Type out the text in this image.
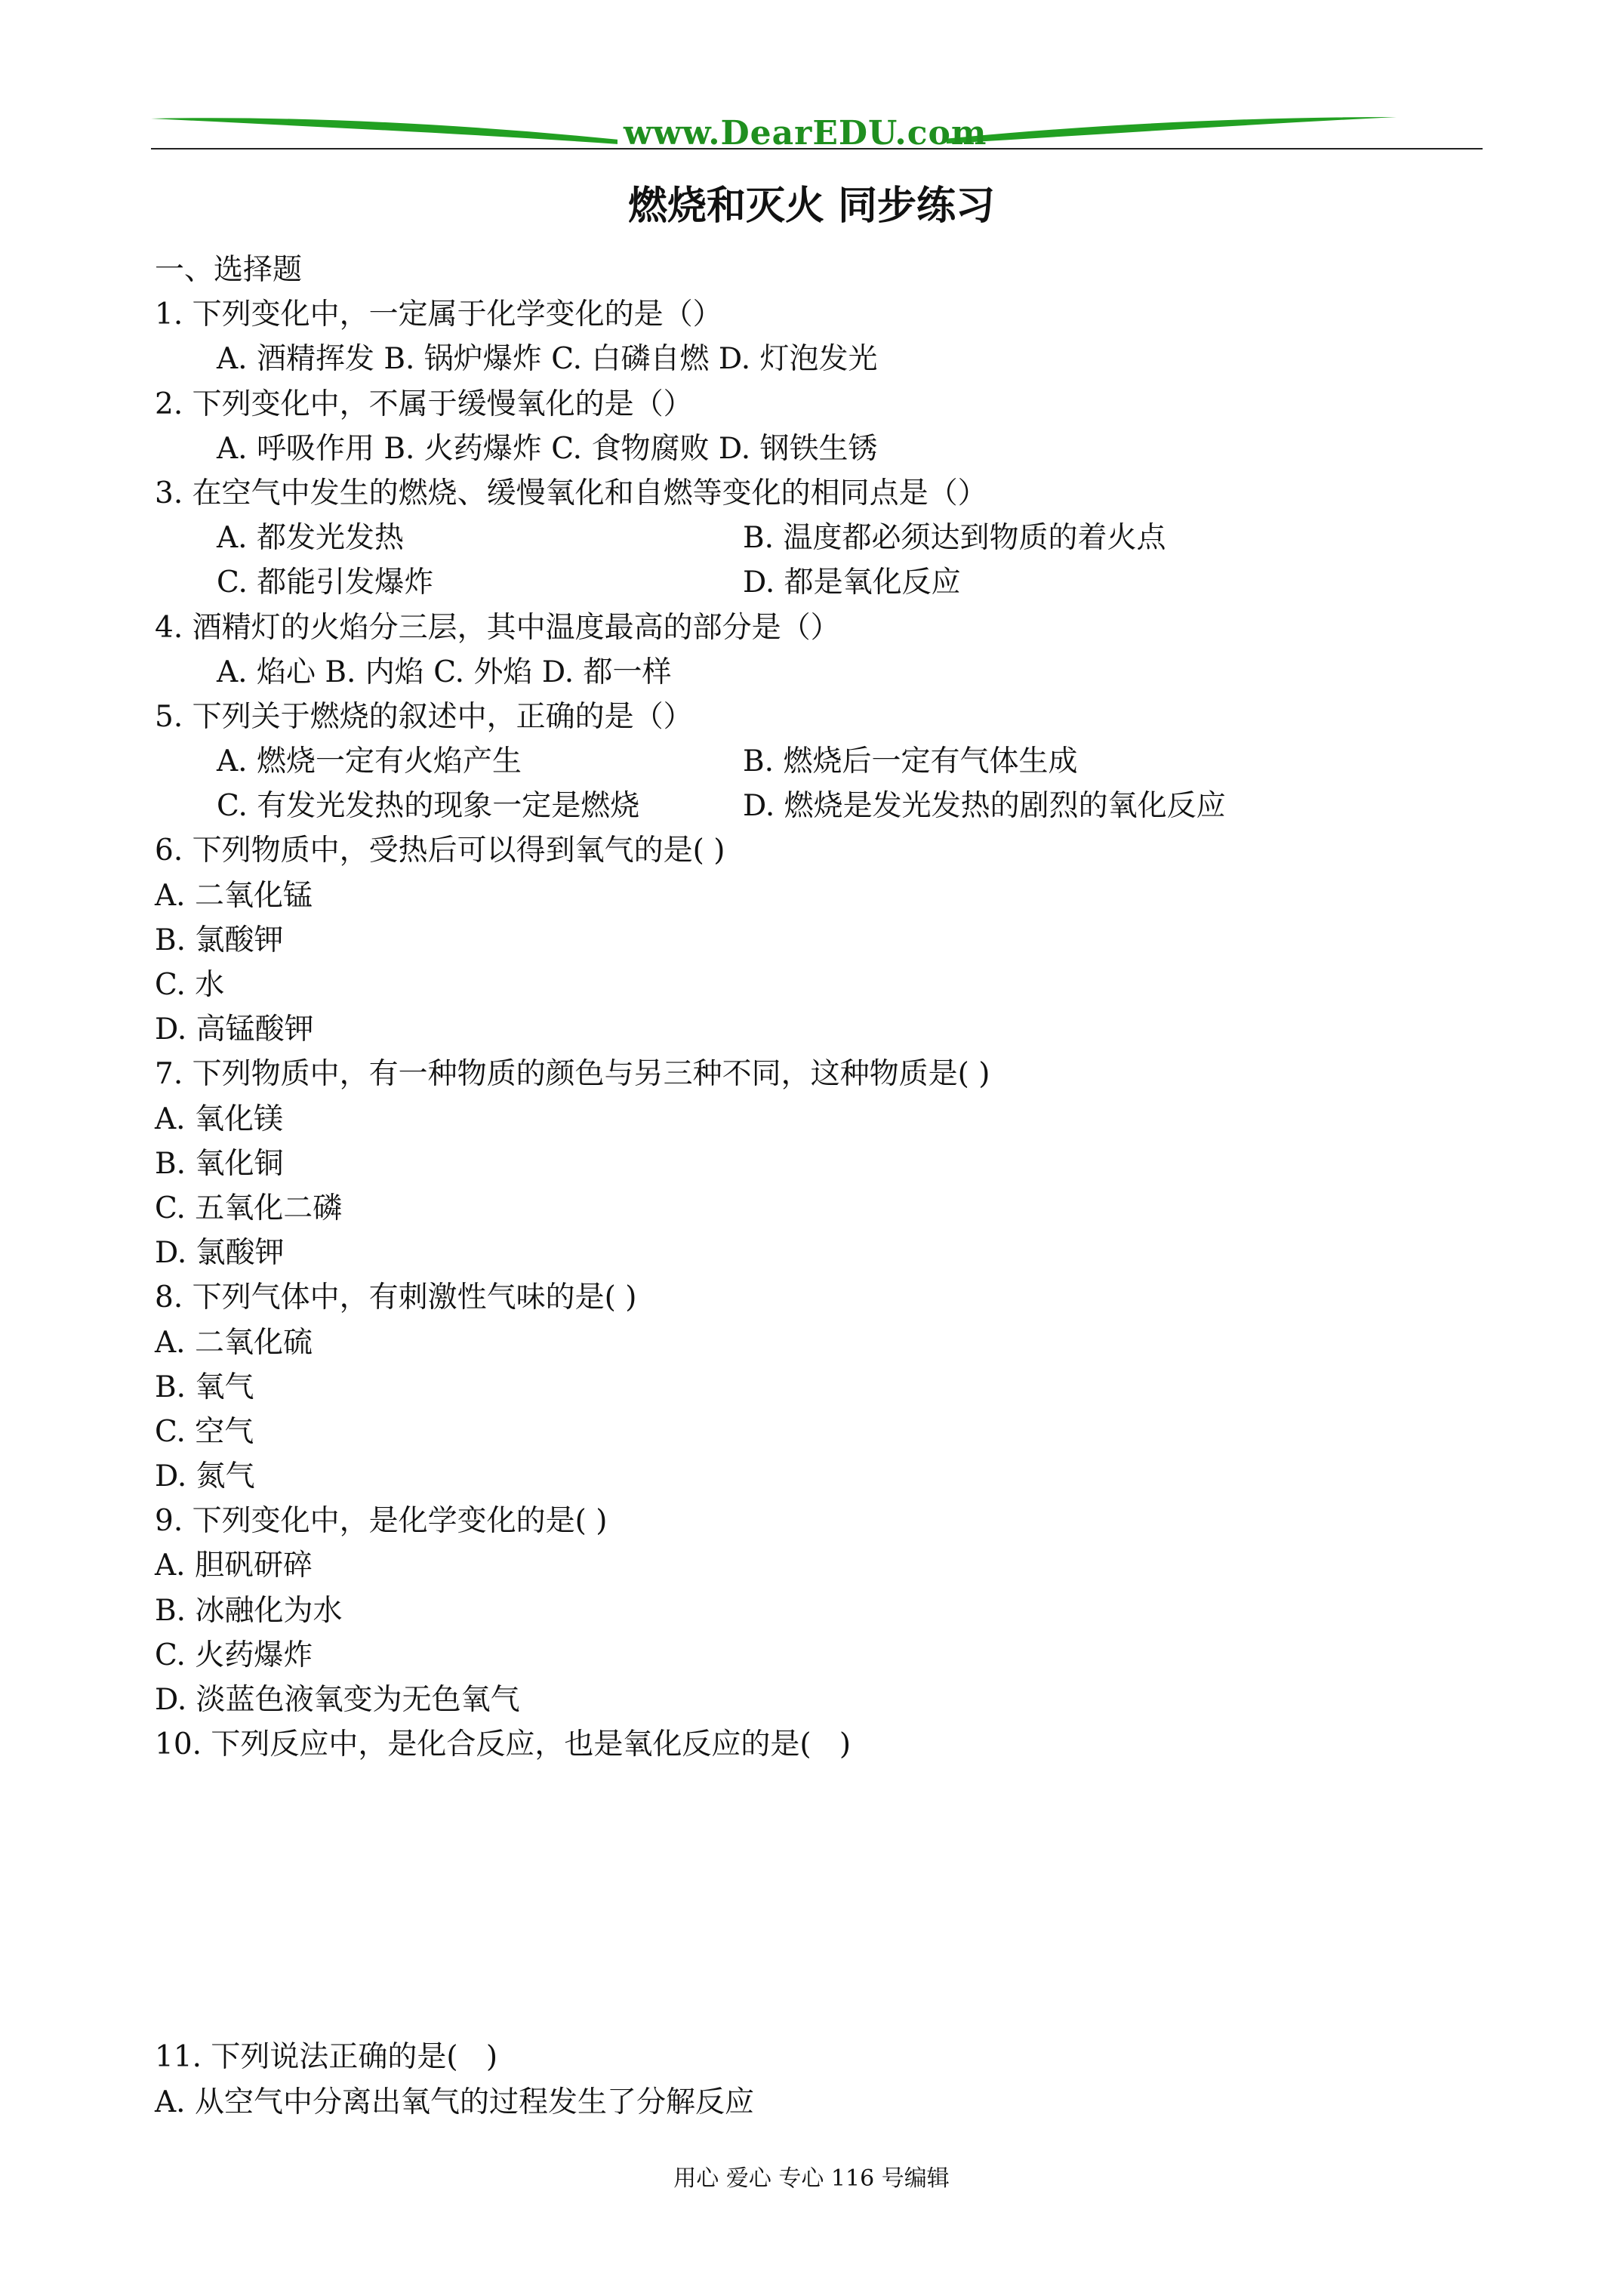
www.DearEDU.com
燃烧和灭火 同步练习
一、选择题
1. 下列变化中，一定属于化学变化的是（）
A. 酒精挥发 B. 锅炉爆炸 C. 白磷自燃 D. 灯泡发光
2. 下列变化中，不属于缓慢氧化的是（）
A. 呼吸作用 B. 火药爆炸 C. 食物腐败 D. 钢铁生锈
3. 在空气中发生的燃烧、缓慢氧化和自燃等变化的相同点是（）
A. 都发光发热	B. 温度都必须达到物质的着火点
C. 都能引发爆炸	D. 都是氧化反应
4. 酒精灯的火焰分三层，其中温度最高的部分是（）
A. 焰心 B. 内焰 C. 外焰 D. 都一样
5. 下列关于燃烧的叙述中，正确的是（）
A. 燃烧一定有火焰产生	B. 燃烧后一定有气体生成
C. 有发光发热的现象一定是燃烧	D. 燃烧是发光发热的剧烈的氧化反应
6. 下列物质中，受热后可以得到氧气的是( )
A. 二氧化锰
B. 氯酸钾
C. 水
D. 高锰酸钾
7. 下列物质中，有一种物质的颜色与另三种不同，这种物质是( )
A. 氧化镁
B. 氧化铜
C. 五氧化二磷
D. 氯酸钾
8. 下列气体中，有刺激性气味的是( )
A. 二氧化硫
B. 氧气
C. 空气
D. 氮气
9. 下列变化中，是化学变化的是( )
A. 胆矾研碎
B. 冰融化为水
C. 火药爆炸
D. 淡蓝色液氧变为无色氧气
10. 下列反应中，是化合反应，也是氧化反应的是(   )
11. 下列说法正确的是(   )
A. 从空气中分离出氧气的过程发生了分解反应
用心 爱心 专心 116 号编辑
